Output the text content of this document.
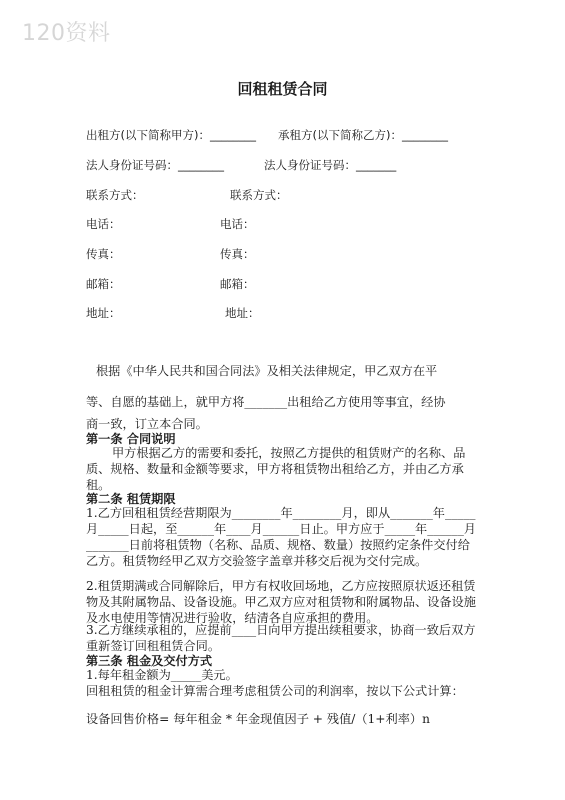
120资料
回租租赁合同
出租方(以下简称甲方)：________ 承租方(以下简称乙方)：________
法人身份证号码：________	法人身份证号码：_______
联系方式：	联系方式：
电话：	电话：
传真：	传真：
邮箱：	邮箱：
地址：	地址：
根据《中华人民共和国合同法》及相关法律规定，甲乙双方在平
等、自愿的基础上，就甲方将_______出租给乙方使用等事宜，经协
商一致，订立本合同。
第一条 合同说明
甲方根据乙方的需要和委托，按照乙方提供的租赁财产的名称、品质、规格、数量和金额等要求，甲方将租赁物出租给乙方，并由乙方承租。
第二条 租赁期限
1.乙方回租租赁经营期限为________年________月，即从_______年_____月_____日起，至______年____月______日止。甲方应于_____年______月_______日前将租赁物（名称、品质、规格、数量）按照约定条件交付给乙方。租赁物经甲乙双方交验签字盖章并移交后视为交付完成。
2.租赁期满或合同解除后，甲方有权收回场地，乙方应按照原状返还租赁物及其附属物品、设备设施。甲乙双方应对租赁物和附属物品、设备设施及水电使用等情况进行验收，结清各自应承担的费用。
3.乙方继续承租的，应提前____日向甲方提出续租要求，协商一致后双方重新签订回租租赁合同。
第三条 租金及交付方式
1.每年租金额为_____美元。
回租租赁的租金计算需合理考虑租赁公司的利润率，按以下公式计算：
设备回售价格= 每年租金 * 年金现值因子 + 残值/（1+利率）n
